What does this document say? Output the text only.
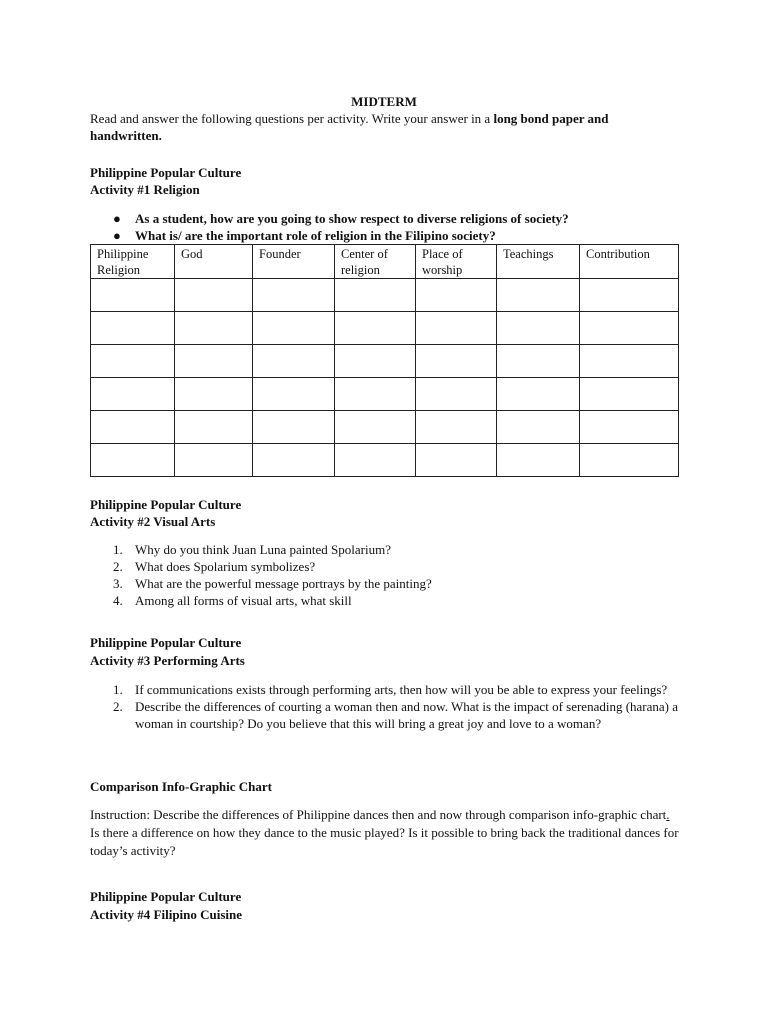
MIDTERM
Read and answer the following questions per activity. Write your answer in a long bond paper and handwritten.
Philippine Popular Culture
Activity #1 Religion
● As a student, how are you going to show respect to diverse religions of society?
● What is/ are the important role of religion in the Filipino society?
Philippine Religion	God	Founder	Center of religion	Place of worship	Teachings	Contribution

Philippine Popular Culture
Activity #2 Visual Arts
1. Why do you think Juan Luna painted Spolarium?
2. What does Spolarium symbolizes?
3. What are the powerful message portrays by the painting?
4. Among all forms of visual arts, what skill
Philippine Popular Culture
Activity #3 Performing Arts
1. If communications exists through performing arts, then how will you be able to express your feelings?
2. Describe the differences of courting a woman then and now. What is the impact of serenading (harana) a woman in courtship? Do you believe that this will bring a great joy and love to a woman?
Comparison Info-Graphic Chart
Instruction: Describe the differences of Philippine dances then and now through comparison info-graphic chart. Is there a difference on how they dance to the music played? Is it possible to bring back the traditional dances for today’s activity?
Philippine Popular Culture
Activity #4 Filipino Cuisine
